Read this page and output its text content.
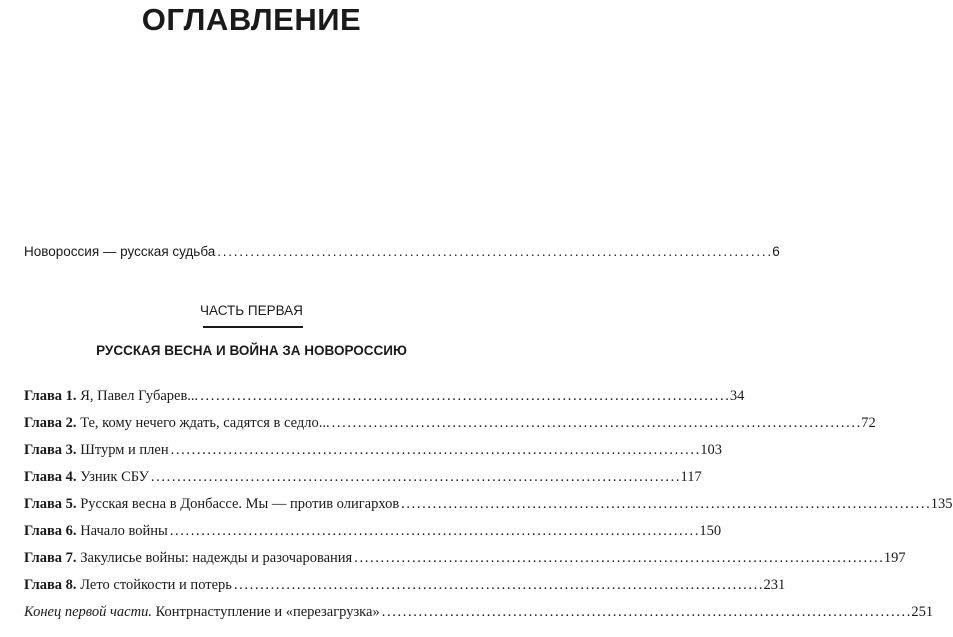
ОГЛАВЛЕНИЕ
Новороссия — русская судьба . . .	6
ЧАСТЬ ПЕРВАЯ
РУССКАЯ ВЕСНА И ВОЙНА ЗА НОВОРОССИЮ
Глава 1. Я, Павел Губарев... . . .	34
Глава 2. Те, кому нечего ждать, садятся в седло... . . .	72
Глава 3. Штурм и плен . . .	103
Глава 4. Узник СБУ . . .	117
Глава 5. Русская весна в Донбассе. Мы — против олигархов . . .	135
Глава 6. Начало войны . . .	150
Глава 7. Закулисье войны: надежды и разочарования . . .	197
Глава 8. Лето стойкости и потерь . . .	231
Конец первой части. Контрнаступление и «перезагрузка» . . .	251
